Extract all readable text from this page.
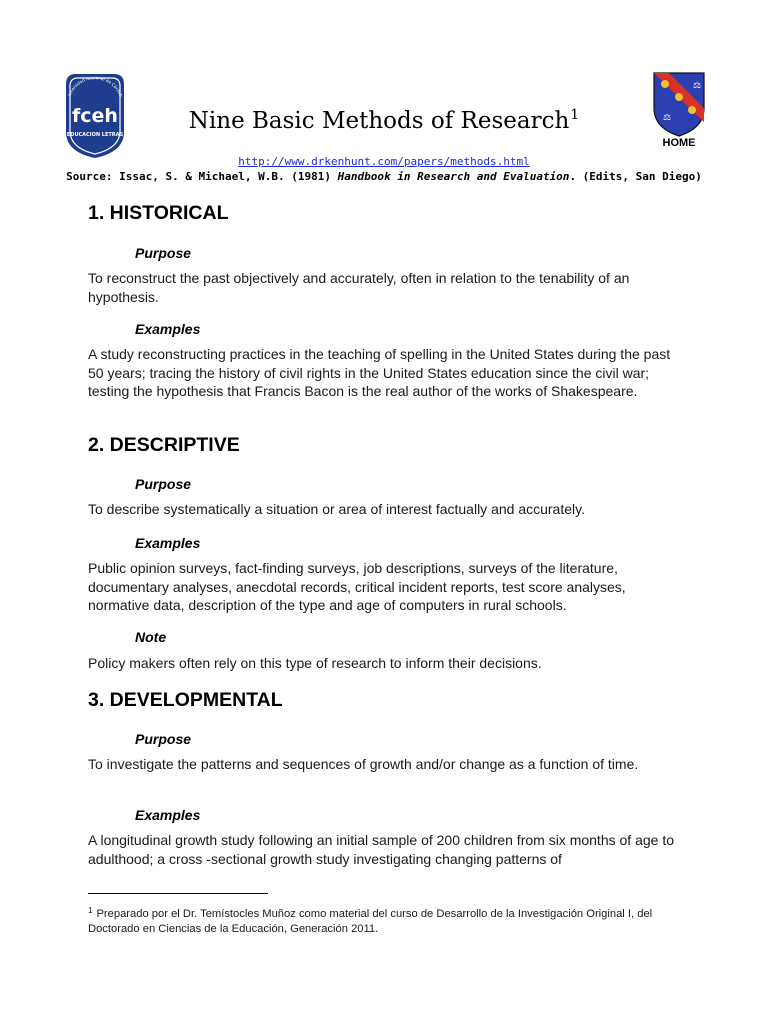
niversidad Nacional de Córdob
fceh
EDUCACION LETRAS
⚖
⚖
HOME
Nine Basic Methods of Research$^1$
http://www.drkenhunt.com/papers/methods.html
Source: Issac, S. & Michael, W.B. (1981) Handbook in Research and Evaluation. (Edits, San Diego)
1. HISTORICAL

Purpose

To reconstruct the past objectively and accurately, often in relation to the tenability of an hypothesis.

Examples

A study reconstructing practices in the teaching of spelling in the United States during the past 50 years; tracing the history of civil rights in the United States education since the civil war; testing the hypothesis that Francis Bacon is the real author of the works of Shakespeare.

2. DESCRIPTIVE

Purpose

To describe systematically a situation or area of interest factually and accurately.

Examples

Public opinion surveys, fact-finding surveys, job descriptions, surveys of the literature, documentary analyses, anecdotal records, critical incident reports, test score analyses, normative data, description of the type and age of computers in rural schools.

Note

Policy makers often rely on this type of research to inform their decisions.

3. DEVELOPMENTAL

Purpose

To investigate the patterns and sequences of growth and/or change as a function of time.

Examples

A longitudinal growth study following an initial sample of 200 children from six months of age to adulthood; a cross -sectional growth study investigating changing patterns of

$^1$ Preparado por el Dr. Temístocles Muñoz como material del curso de Desarrollo de la Investigación Original I, del Doctorado en Ciencias de la Educación, Generación 2011.
